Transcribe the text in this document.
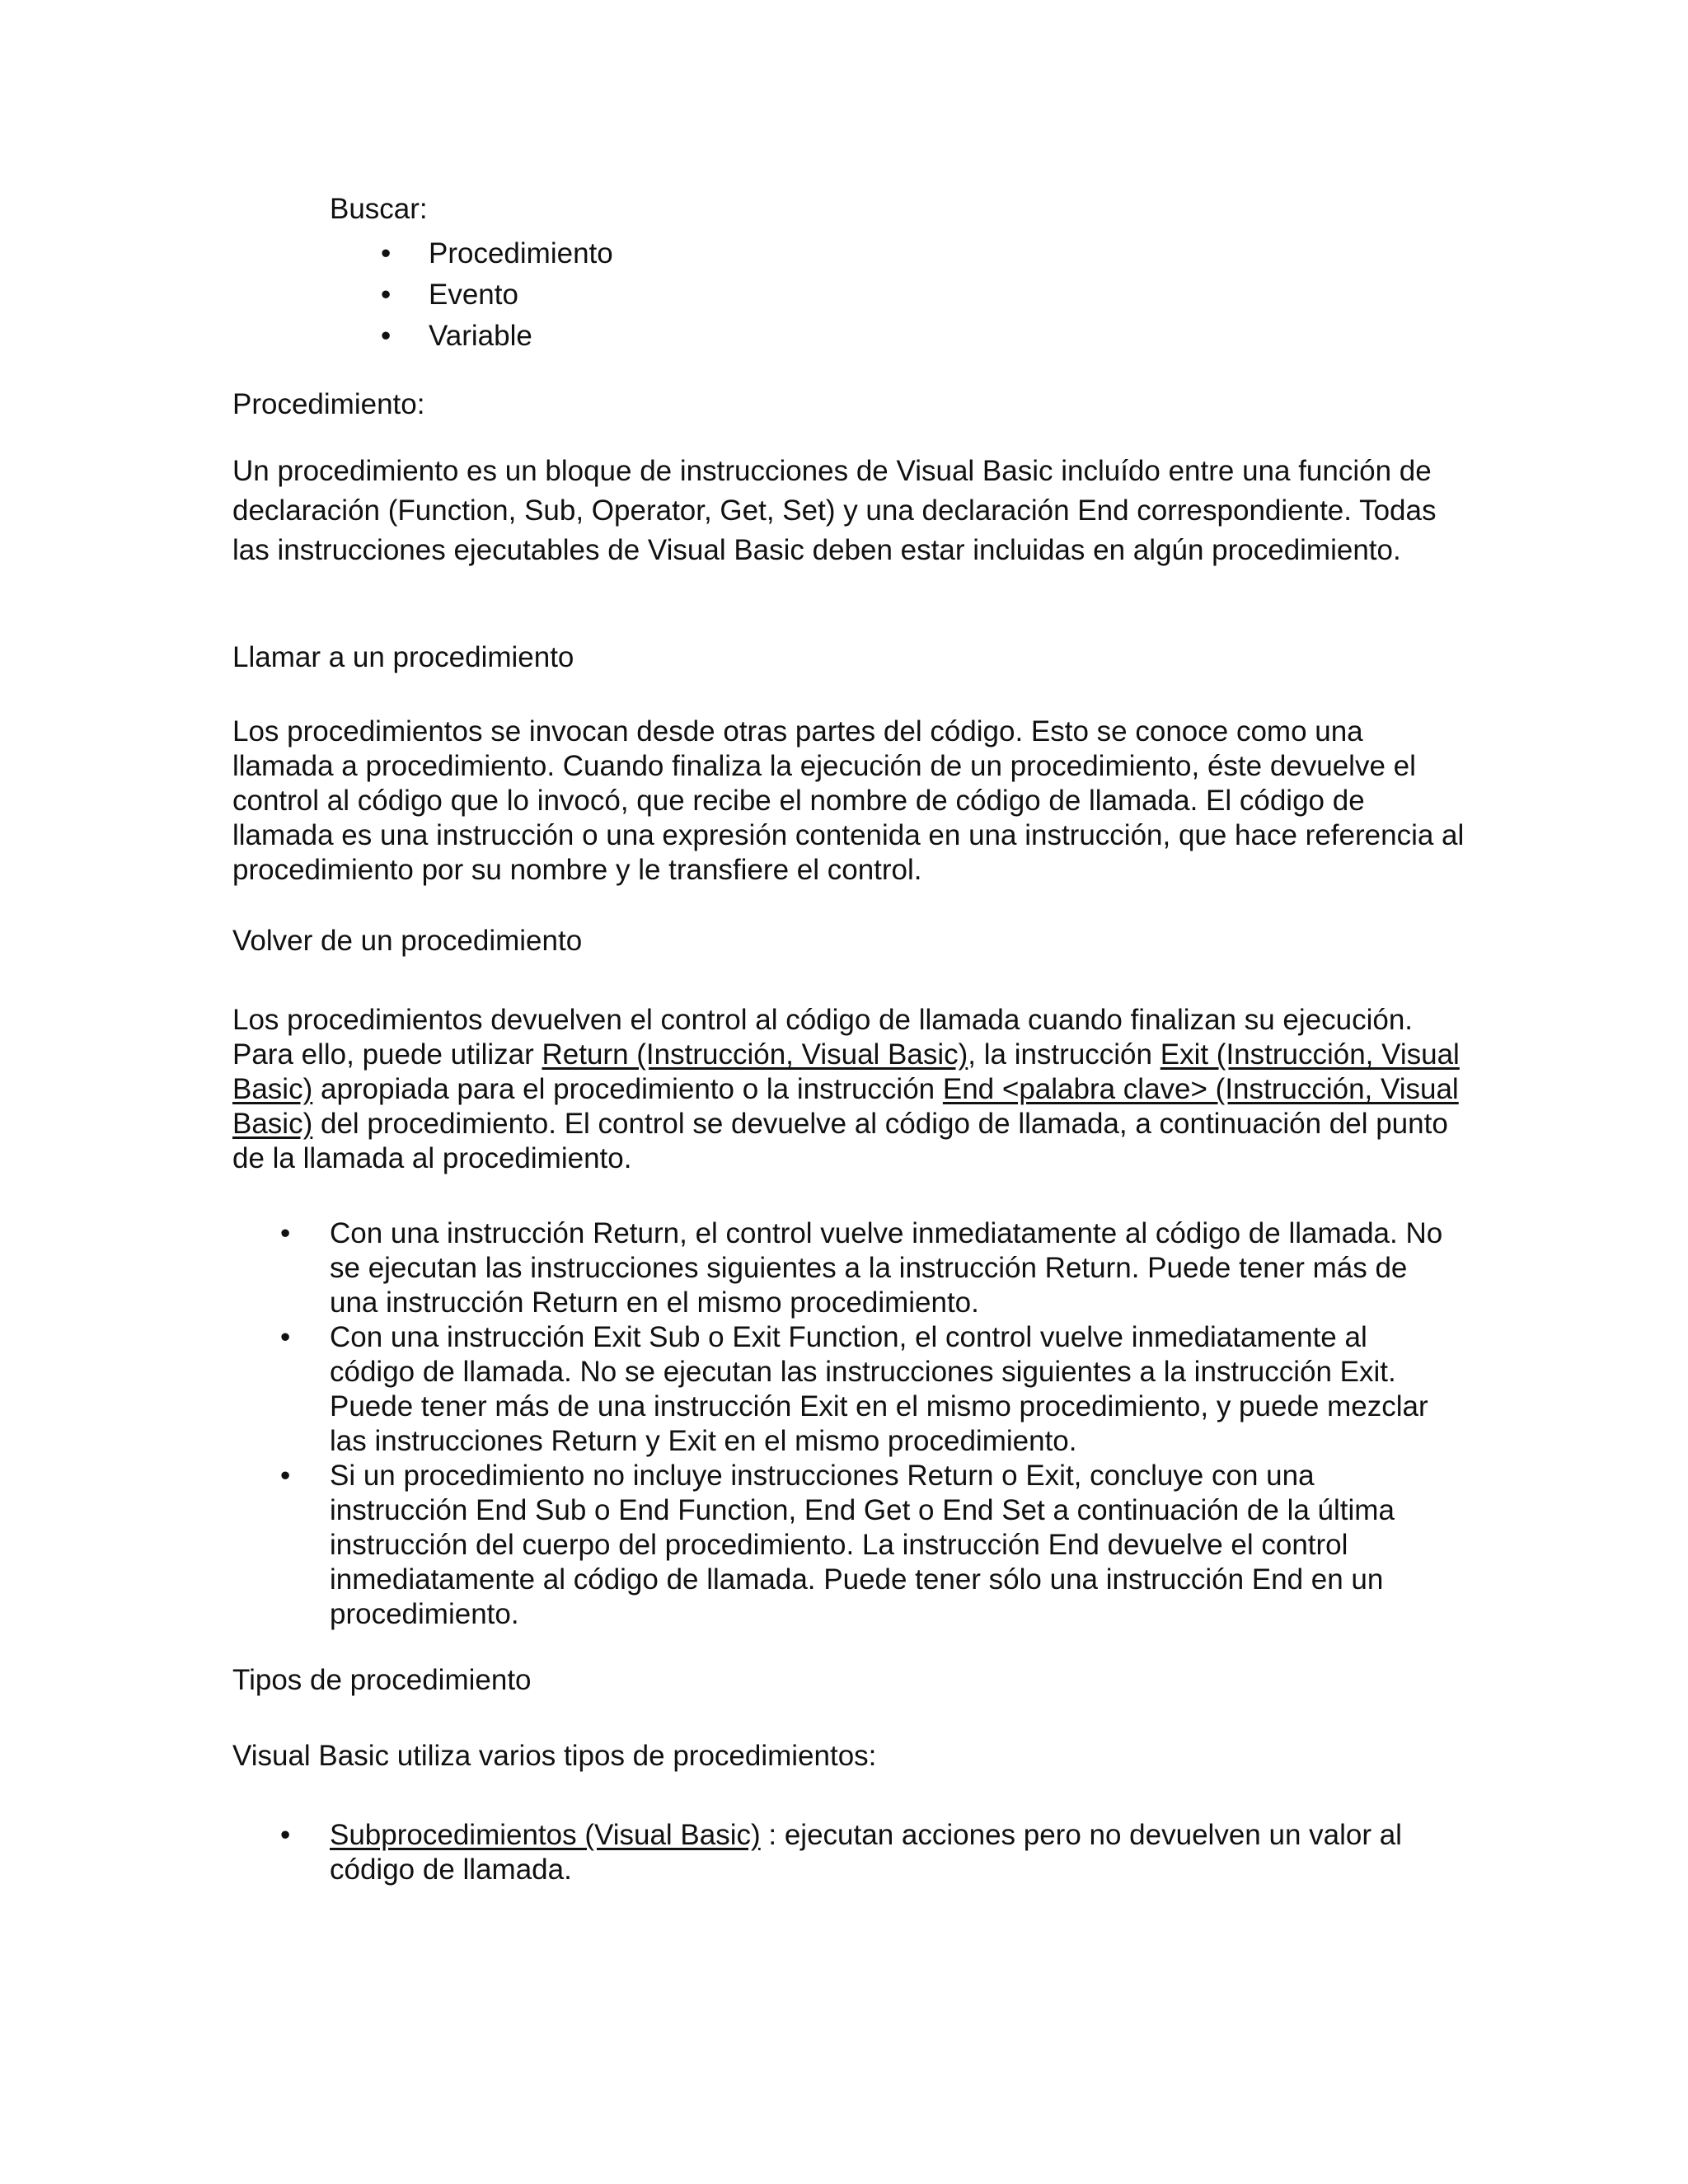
Buscar:

• Procedimiento
• Evento
• Variable

Procedimiento:

Un procedimiento es un bloque de instrucciones de Visual Basic incluído entre una función de declaración (Function, Sub, Operator, Get, Set) y una declaración End correspondiente. Todas las instrucciones ejecutables de Visual Basic deben estar incluidas en algún procedimiento.

Llamar a un procedimiento

Los procedimientos se invocan desde otras partes del código. Esto se conoce como una llamada a procedimiento. Cuando finaliza la ejecución de un procedimiento, éste devuelve el control al código que lo invocó, que recibe el nombre de código de llamada. El código de llamada es una instrucción o una expresión contenida en una instrucción, que hace referencia al procedimiento por su nombre y le transfiere el control.

Volver de un procedimiento

Los procedimientos devuelven el control al código de llamada cuando finalizan su ejecución. Para ello, puede utilizar Return (Instrucción, Visual Basic), la instrucción Exit (Instrucción, Visual Basic) apropiada para el procedimiento o la instrucción End <palabra clave> (Instrucción, Visual Basic) del procedimiento. El control se devuelve al código de llamada, a continuación del punto de la llamada al procedimiento.

• Con una instrucción Return, el control vuelve inmediatamente al código de llamada. No se ejecutan las instrucciones siguientes a la instrucción Return. Puede tener más de una instrucción Return en el mismo procedimiento.
• Con una instrucción Exit Sub o Exit Function, el control vuelve inmediatamente al código de llamada. No se ejecutan las instrucciones siguientes a la instrucción Exit. Puede tener más de una instrucción Exit en el mismo procedimiento, y puede mezclar las instrucciones Return y Exit en el mismo procedimiento.
• Si un procedimiento no incluye instrucciones Return o Exit, concluye con una instrucción End Sub o End Function, End Get o End Set a continuación de la última instrucción del cuerpo del procedimiento. La instrucción End devuelve el control inmediatamente al código de llamada. Puede tener sólo una instrucción End en un procedimiento.

Tipos de procedimiento

Visual Basic utiliza varios tipos de procedimientos:

• Subprocedimientos (Visual Basic) : ejecutan acciones pero no devuelven un valor al código de llamada.
